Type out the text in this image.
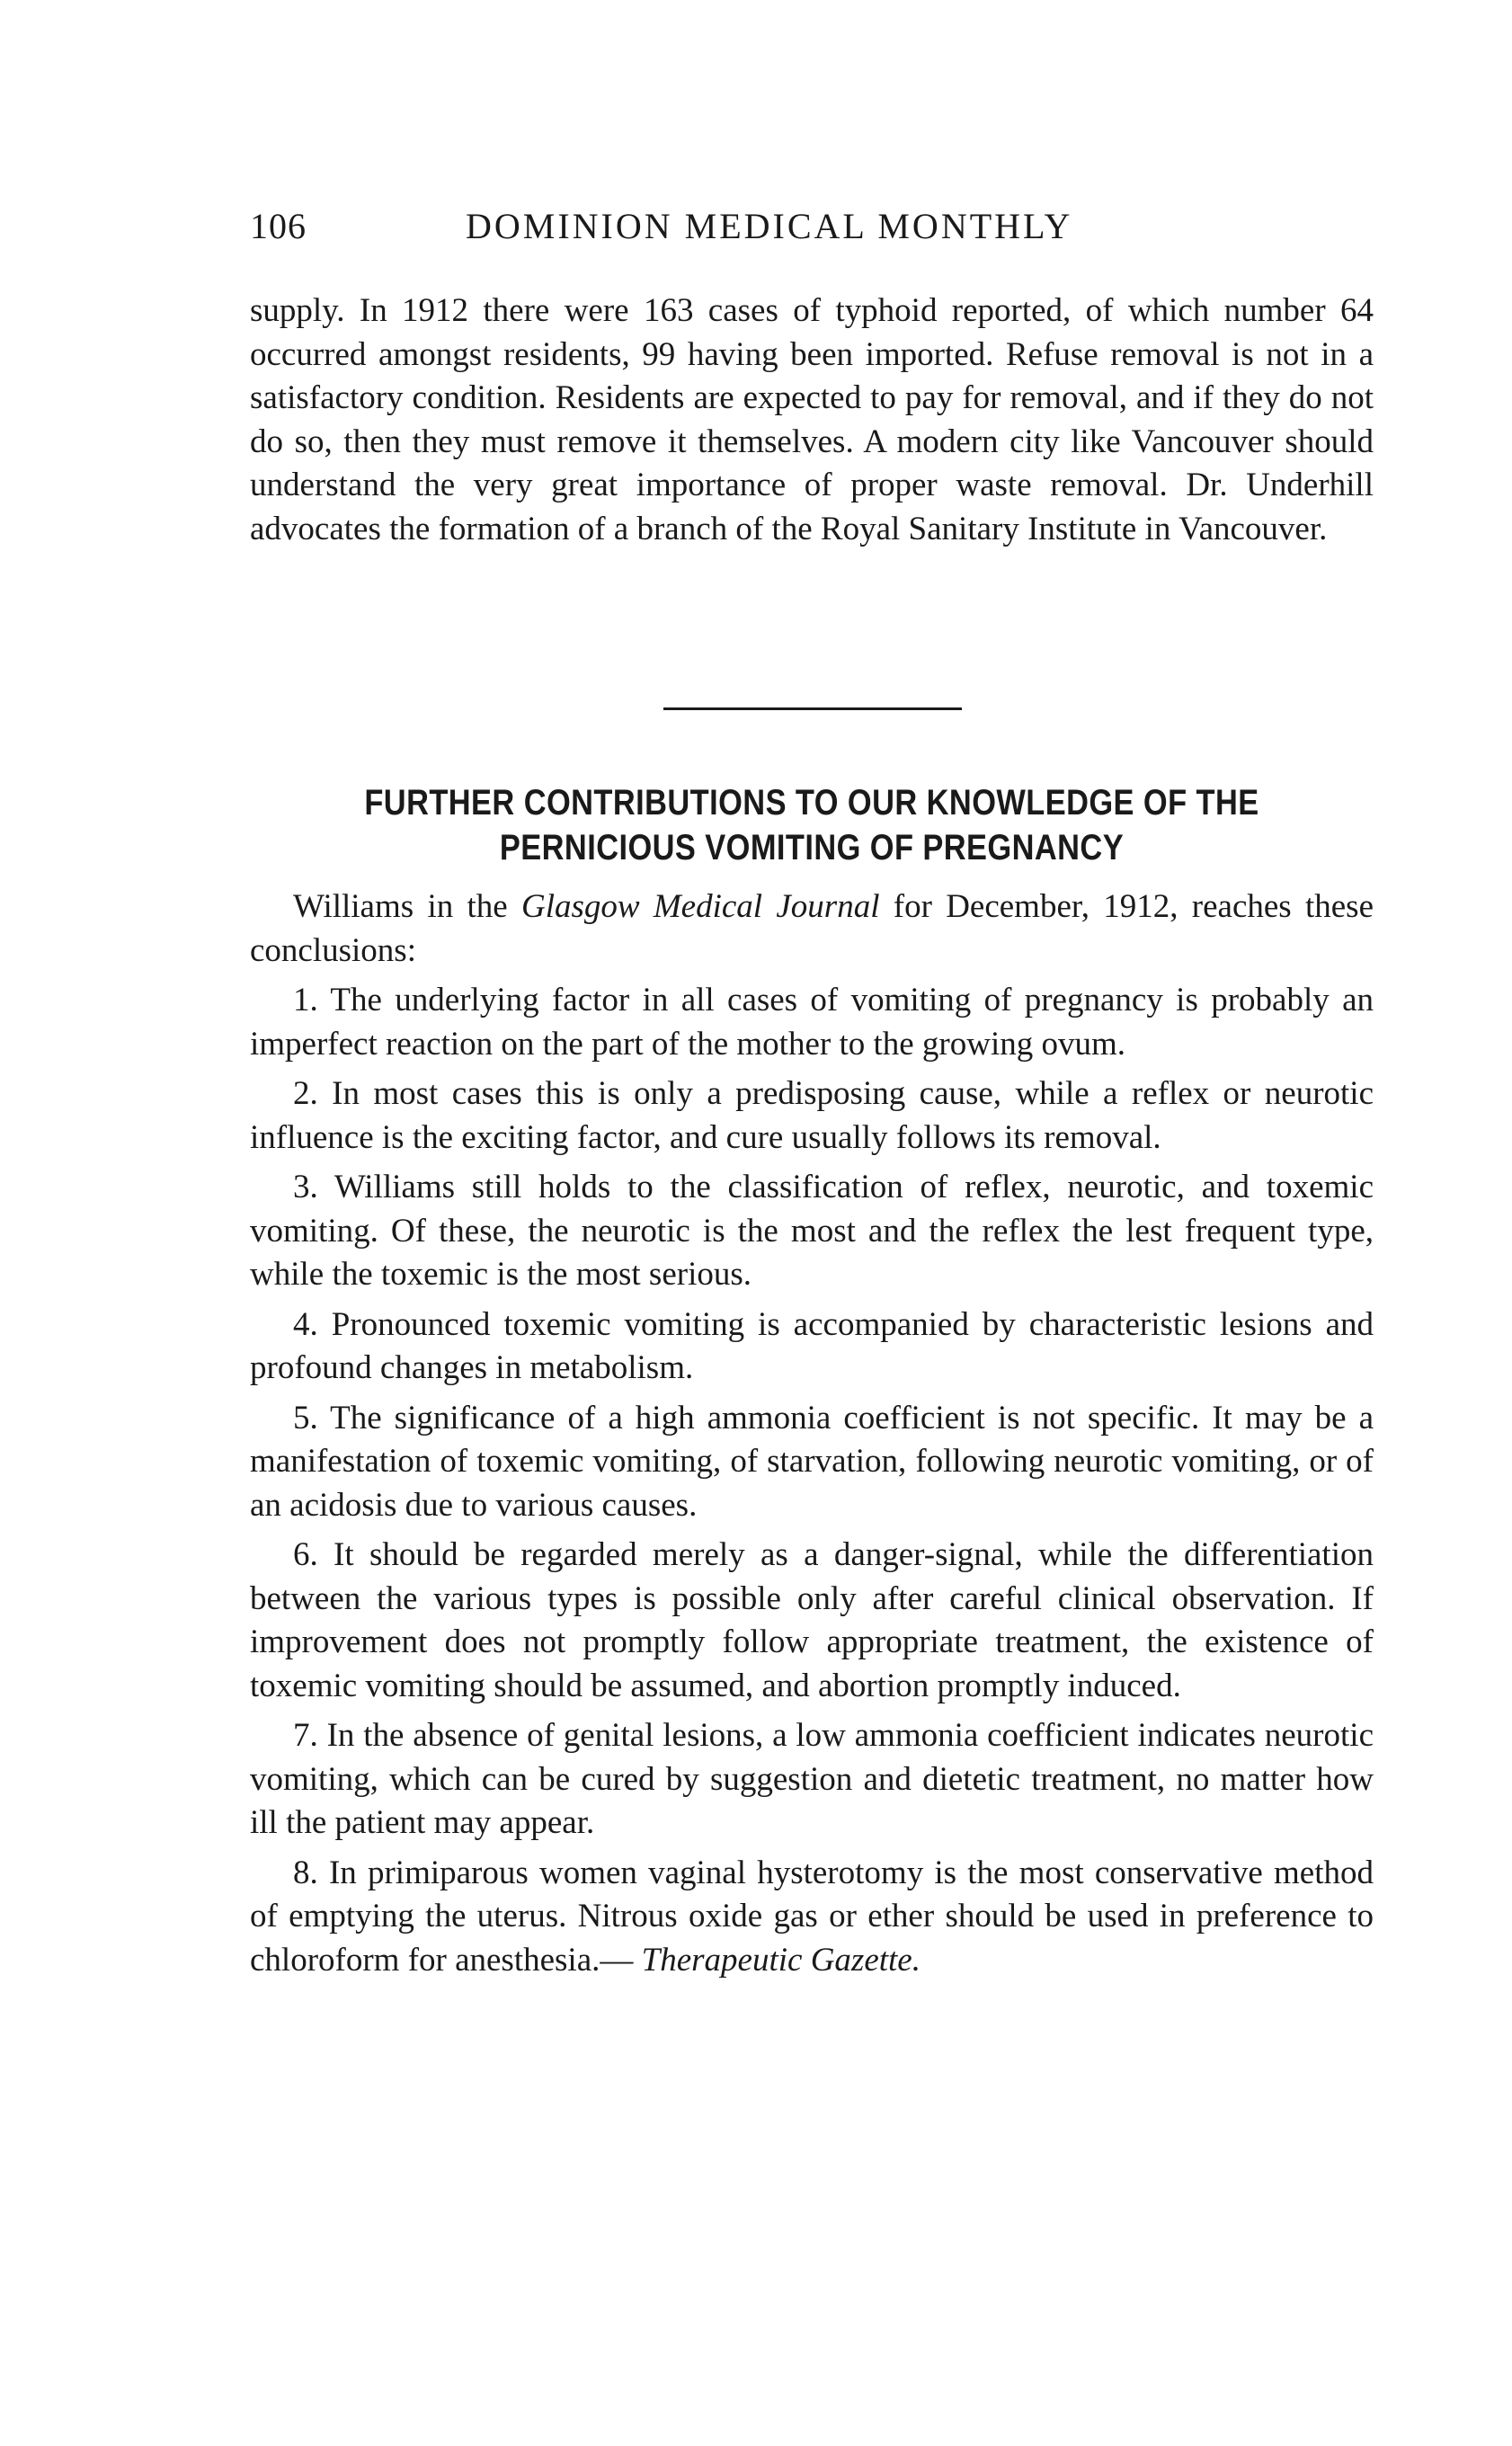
106	DOMINION MEDICAL MONTHLY

supply. In 1912 there were 163 cases of typhoid reported, of which number 64 occurred amongst residents, 99 having been imported. Refuse removal is not in a satisfactory condition. Residents are expected to pay for removal, and if they do not do so, then they must remove it themselves. A modern city like Vancouver should understand the very great importance of proper waste removal. Dr. Underhill advocates the formation of a branch of the Royal Sanitary Institute in Vancouver.

FURTHER CONTRIBUTIONS TO OUR KNOWLEDGE OF THE
PERNICIOUS VOMITING OF PREGNANCY

Williams in the Glasgow Medical Journal for December, 1912, reaches these conclusions:

1. The underlying factor in all cases of vomiting of pregnancy is probably an imperfect reaction on the part of the mother to the growing ovum.

2. In most cases this is only a predisposing cause, while a reflex or neurotic influence is the exciting factor, and cure usually follows its removal.

3. Williams still holds to the classification of reflex, neurotic, and toxemic vomiting. Of these, the neurotic is the most and the reflex the lest frequent type, while the toxemic is the most serious.

4. Pronounced toxemic vomiting is accompanied by characteristic lesions and profound changes in metabolism.

5. The significance of a high ammonia coefficient is not specific. It may be a manifestation of toxemic vomiting, of starvation, following neurotic vomiting, or of an acidosis due to various causes.

6. It should be regarded merely as a danger-signal, while the differentiation between the various types is possible only after careful clinical observation. If improvement does not promptly follow appropriate treatment, the existence of toxemic vomiting should be assumed, and abortion promptly induced.

7. In the absence of genital lesions, a low ammonia coefficient indicates neurotic vomiting, which can be cured by suggestion and dietetic treatment, no matter how ill the patient may appear.

8. In primiparous women vaginal hysterotomy is the most conservative method of emptying the uterus. Nitrous oxide gas or ether should be used in preference to chloroform for anesthesia.— Therapeutic Gazette.
